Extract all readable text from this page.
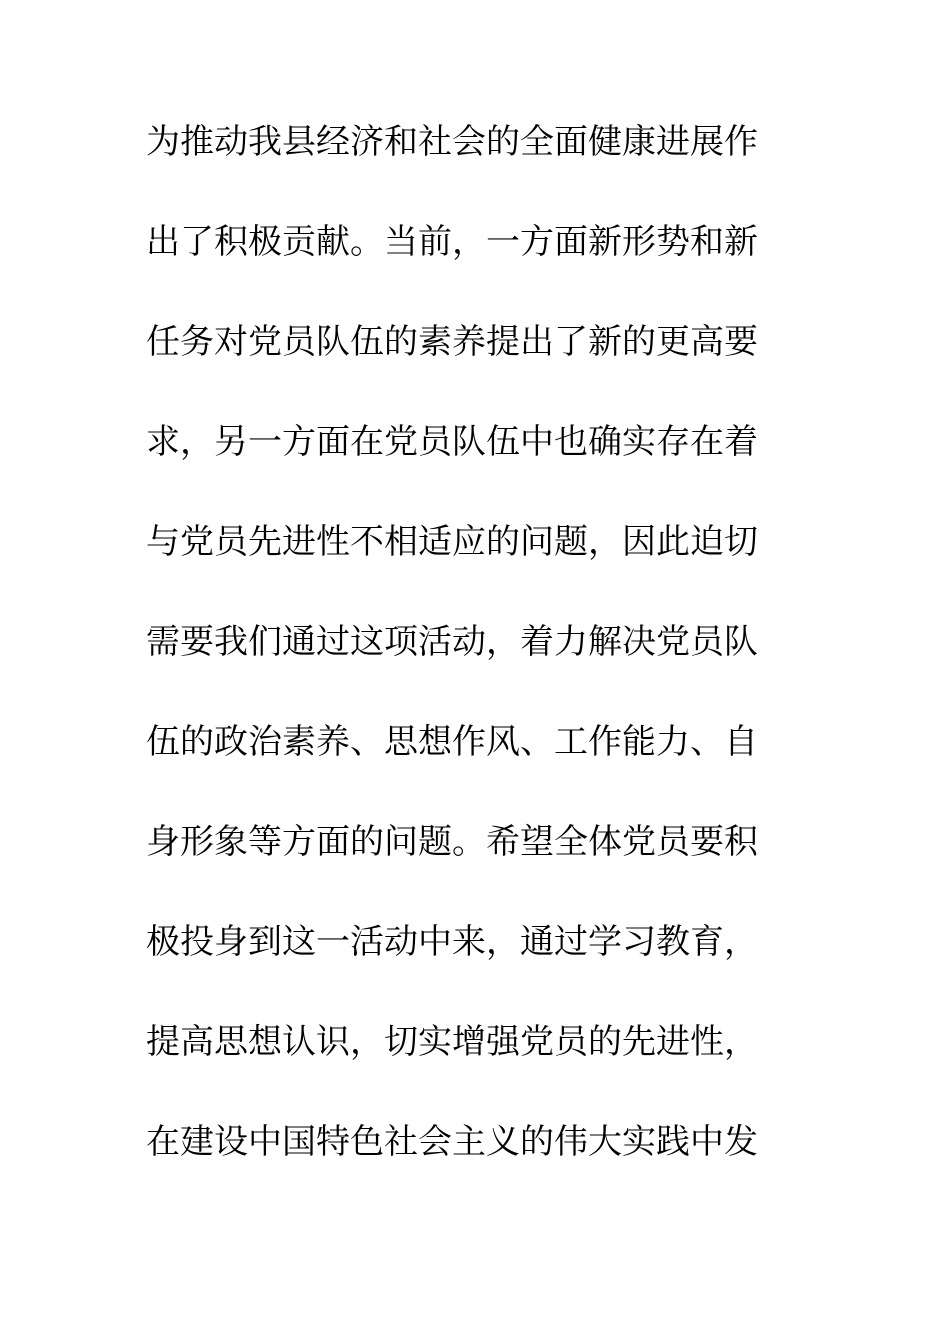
为推动我县经济和社会的全面健康进展作

出了积极贡献。当前，一方面新形势和新

任务对党员队伍的素养提出了新的更高要

求，另一方面在党员队伍中也确实存在着

与党员先进性不相适应的问题，因此迫切

需要我们通过这项活动，着力解决党员队

伍的政治素养、思想作风、工作能力、自

身形象等方面的问题。希望全体党员要积

极投身到这一活动中来，通过学习教育，

提高思想认识，切实增强党员的先进性，

在建设中国特色社会主义的伟大实践中发
